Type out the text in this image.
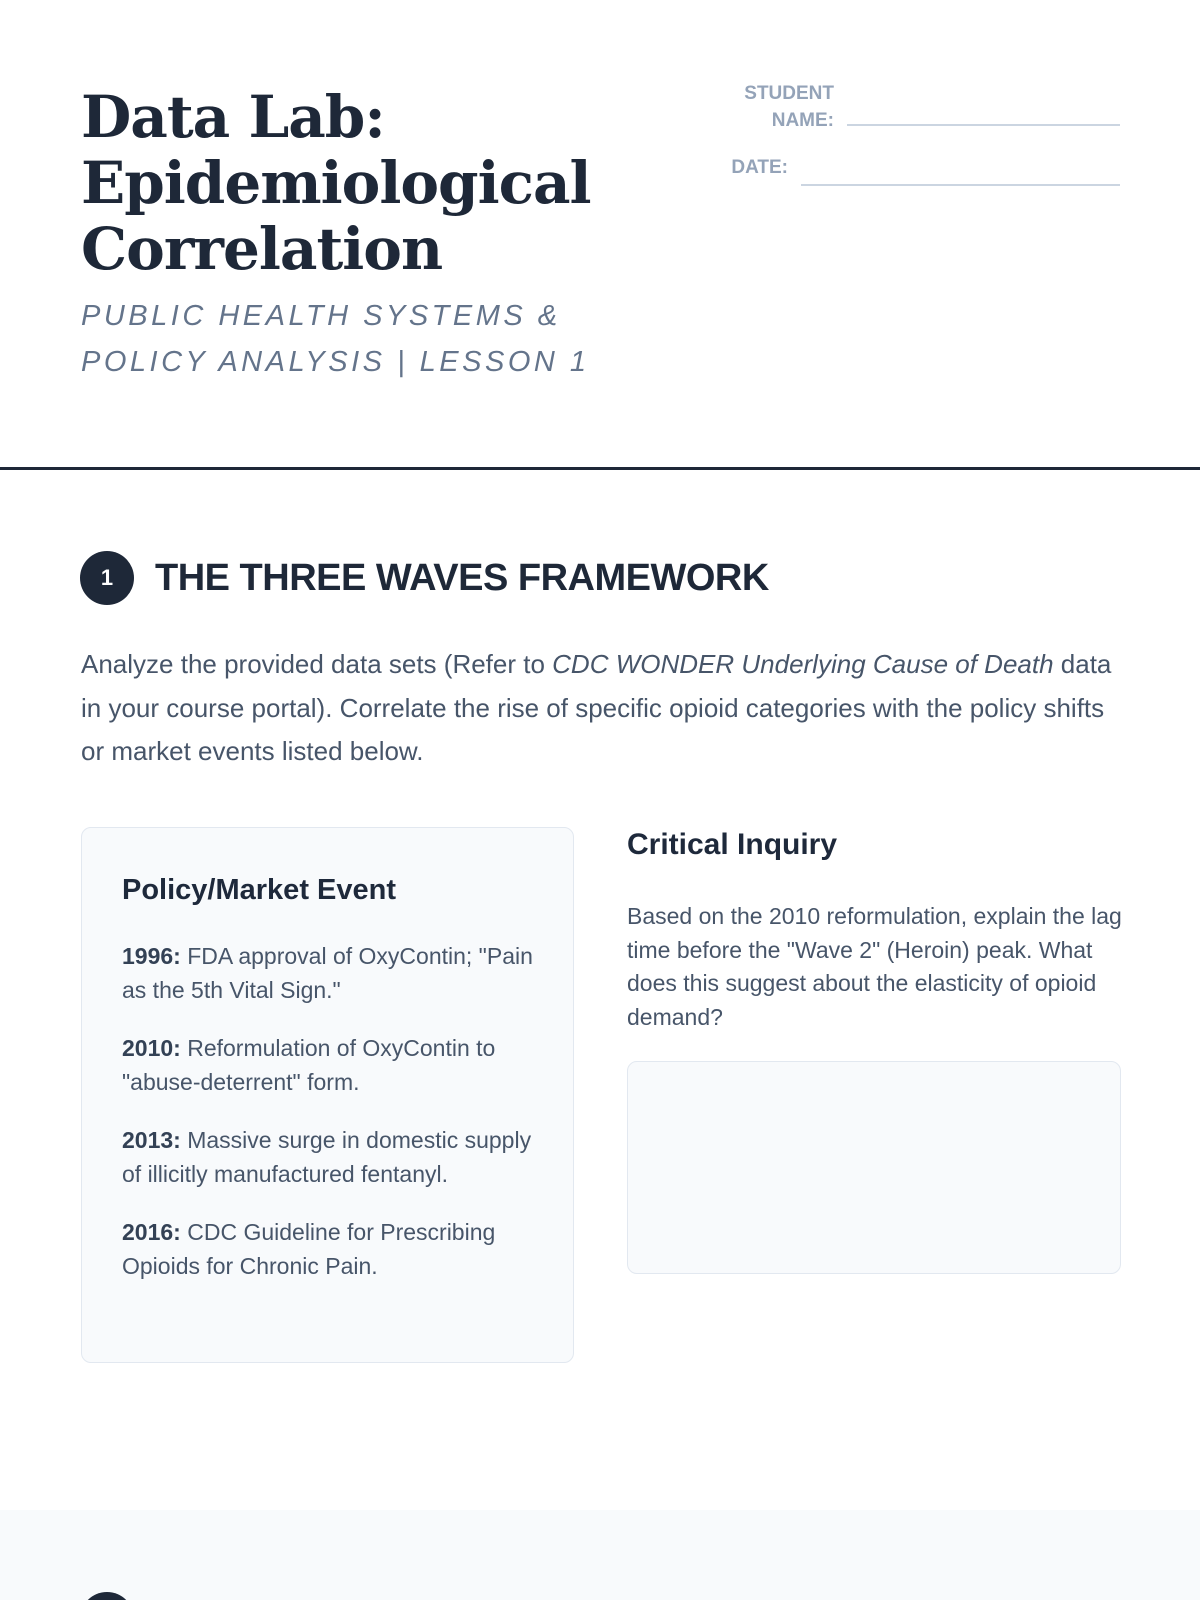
Data Lab: Epidemiological Correlation
PUBLIC HEALTH SYSTEMS & POLICY ANALYSIS | LESSON 1
STUDENT NAME:
DATE:
1	THE THREE WAVES FRAMEWORK

Analyze the provided data sets (Refer to CDC WONDER Underlying Cause of Death data in your course portal). Correlate the rise of specific opioid categories with the policy shifts or market events listed below.

Policy/Market Event
1996: FDA approval of OxyContin; "Pain as the 5th Vital Sign."
2010: Reformulation of OxyContin to "abuse-deterrent" form.
2013: Massive surge in domestic supply of illicitly manufactured fentanyl.
2016: CDC Guideline for Prescribing Opioids for Chronic Pain.
Critical Inquiry

Based on the 2010 reformulation, explain the lag time before the "Wave 2" (Heroin) peak. What does this suggest about the elasticity of opioid demand?
